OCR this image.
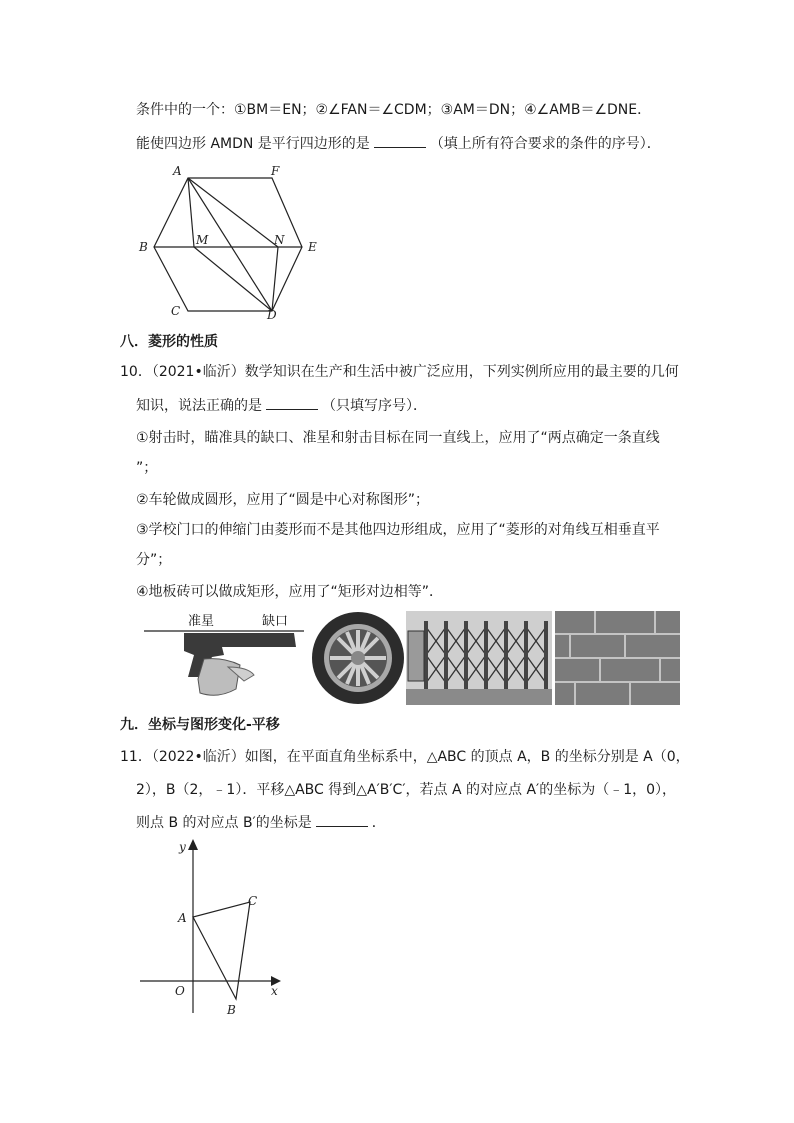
条件中的一个：①BM＝EN；②∠FAN＝∠CDM；③AM＝DN；④∠AMB＝∠DNE．
能使四边形 AMDN 是平行四边形的是	（填上所有符合要求的条件的序号）．
A	F
B	M	N E
C	D
八．菱形的性质
10．（2021•临沂）数学知识在生产和生活中被广泛应用，下列实例所应用的最主要的几何
知识，说法正确的是	（只填写序号）．
①射击时，瞄准具的缺口、准星和射击目标在同一直线上，应用了“两点确定一条直线
”；
②车轮做成圆形，应用了“圆是中心对称图形”；
③学校门口的伸缩门由菱形而不是其他四边形组成，应用了“菱形的对角线互相垂直平
分”；
④地板砖可以做成矩形，应用了“矩形对边相等”．
准星	缺口
九．坐标与图形变化-平移
11．（2022•临沂）如图，在平面直角坐标系中，△ABC 的顶点 A，B 的坐标分别是 A（0，
2），B（2，﹣1）．平移△ABC 得到△A′B′C′，若点 A 的对应点 A′的坐标为（﹣1，0），
则点 B 的对应点 B′的坐标是	．
y
x
O
A
B
C
